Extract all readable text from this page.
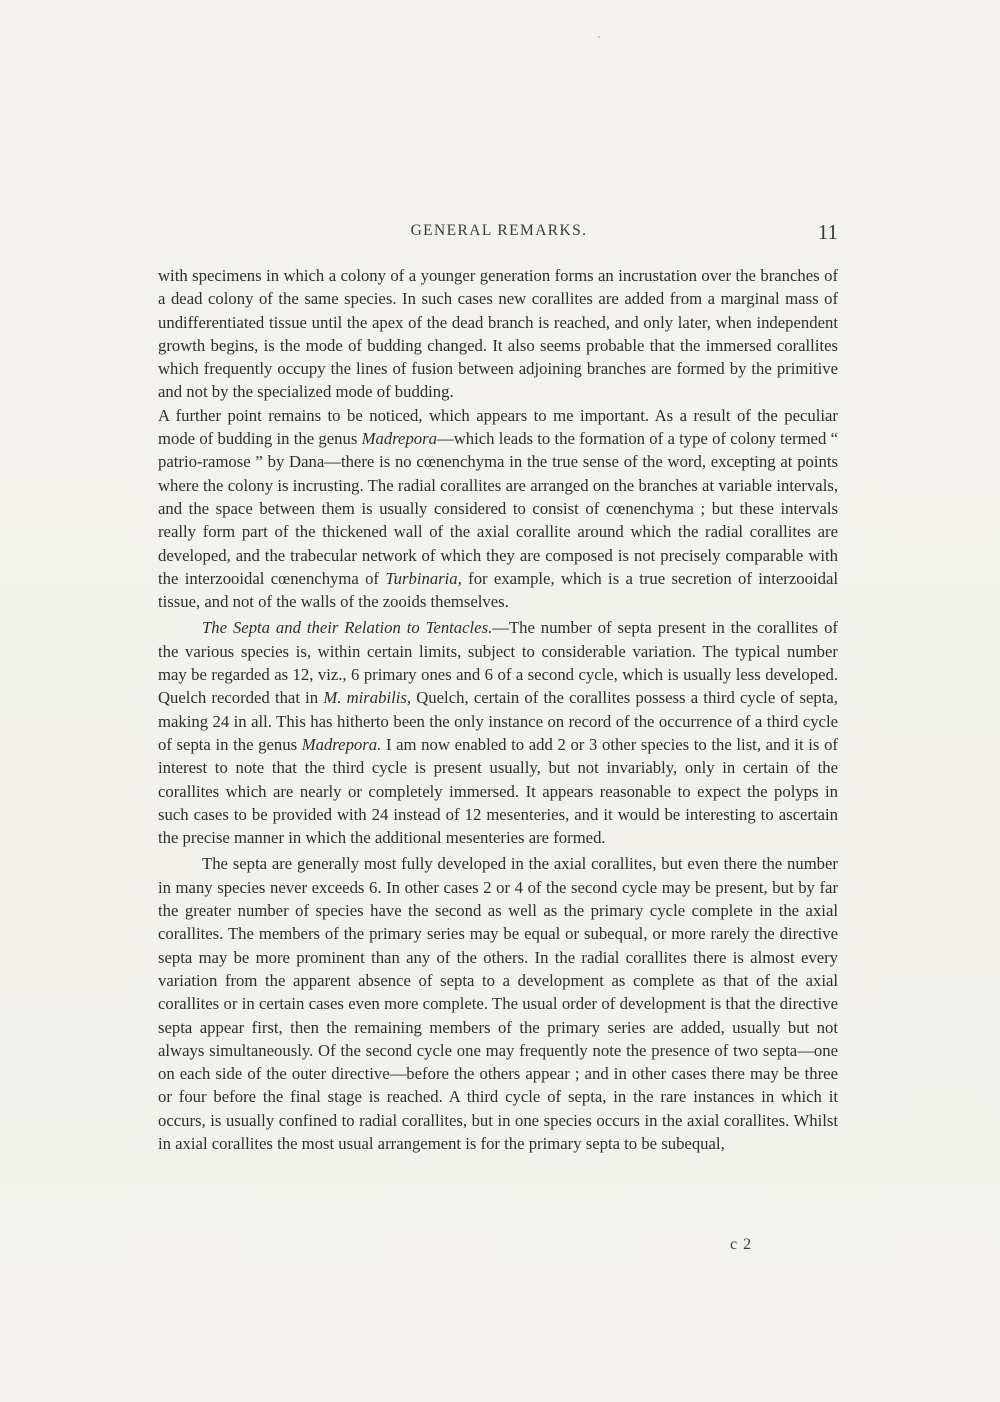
GENERAL REMARKS.	11

with specimens in which a colony of a younger generation forms an incrustation over the branches of a dead colony of the same species. In such cases new corallites are added from a marginal mass of undifferentiated tissue until the apex of the dead branch is reached, and only later, when independent growth begins, is the mode of budding changed. It also seems probable that the immersed corallites which frequently occupy the lines of fusion between adjoining branches are formed by the primitive and not by the specialized mode of budding.

A further point remains to be noticed, which appears to me important. As a result of the peculiar mode of budding in the genus Madrepora—which leads to the formation of a type of colony termed “ patrio-ramose ” by Dana—there is no cœnenchyma in the true sense of the word, excepting at points where the colony is incrusting. The radial corallites are arranged on the branches at variable intervals, and the space between them is usually considered to consist of cœnenchyma ; but these intervals really form part of the thickened wall of the axial corallite around which the radial corallites are developed, and the trabecular network of which they are composed is not precisely comparable with the interzooidal cœnenchyma of Turbinaria, for example, which is a true secretion of interzooidal tissue, and not of the walls of the zooids themselves.

The Septa and their Relation to Tentacles.—The number of septa present in the corallites of the various species is, within certain limits, subject to considerable variation. The typical number may be regarded as 12, viz., 6 primary ones and 6 of a second cycle, which is usually less developed. Quelch recorded that in M. mirabilis, Quelch, certain of the corallites possess a third cycle of septa, making 24 in all. This has hitherto been the only instance on record of the occurrence of a third cycle of septa in the genus Madrepora. I am now enabled to add 2 or 3 other species to the list, and it is of interest to note that the third cycle is present usually, but not invariably, only in certain of the corallites which are nearly or completely immersed. It appears reasonable to expect the polyps in such cases to be provided with 24 instead of 12 mesenteries, and it would be interesting to ascertain the precise manner in which the additional mesenteries are formed.

The septa are generally most fully developed in the axial corallites, but even there the number in many species never exceeds 6. In other cases 2 or 4 of the second cycle may be present, but by far the greater number of species have the second as well as the primary cycle complete in the axial corallites. The members of the primary series may be equal or subequal, or more rarely the directive septa may be more prominent than any of the others. In the radial corallites there is almost every variation from the apparent absence of septa to a development as complete as that of the axial corallites or in certain cases even more complete. The usual order of development is that the directive septa appear first, then the remaining members of the primary series are added, usually but not always simultaneously. Of the second cycle one may frequently note the presence of two septa—one on each side of the outer directive—before the others appear ; and in other cases there may be three or four before the final stage is reached. A third cycle of septa, in the rare instances in which it occurs, is usually confined to radial corallites, but in one species occurs in the axial corallites. Whilst in axial corallites the most usual arrangement is for the primary septa to be subequal,

c 2
